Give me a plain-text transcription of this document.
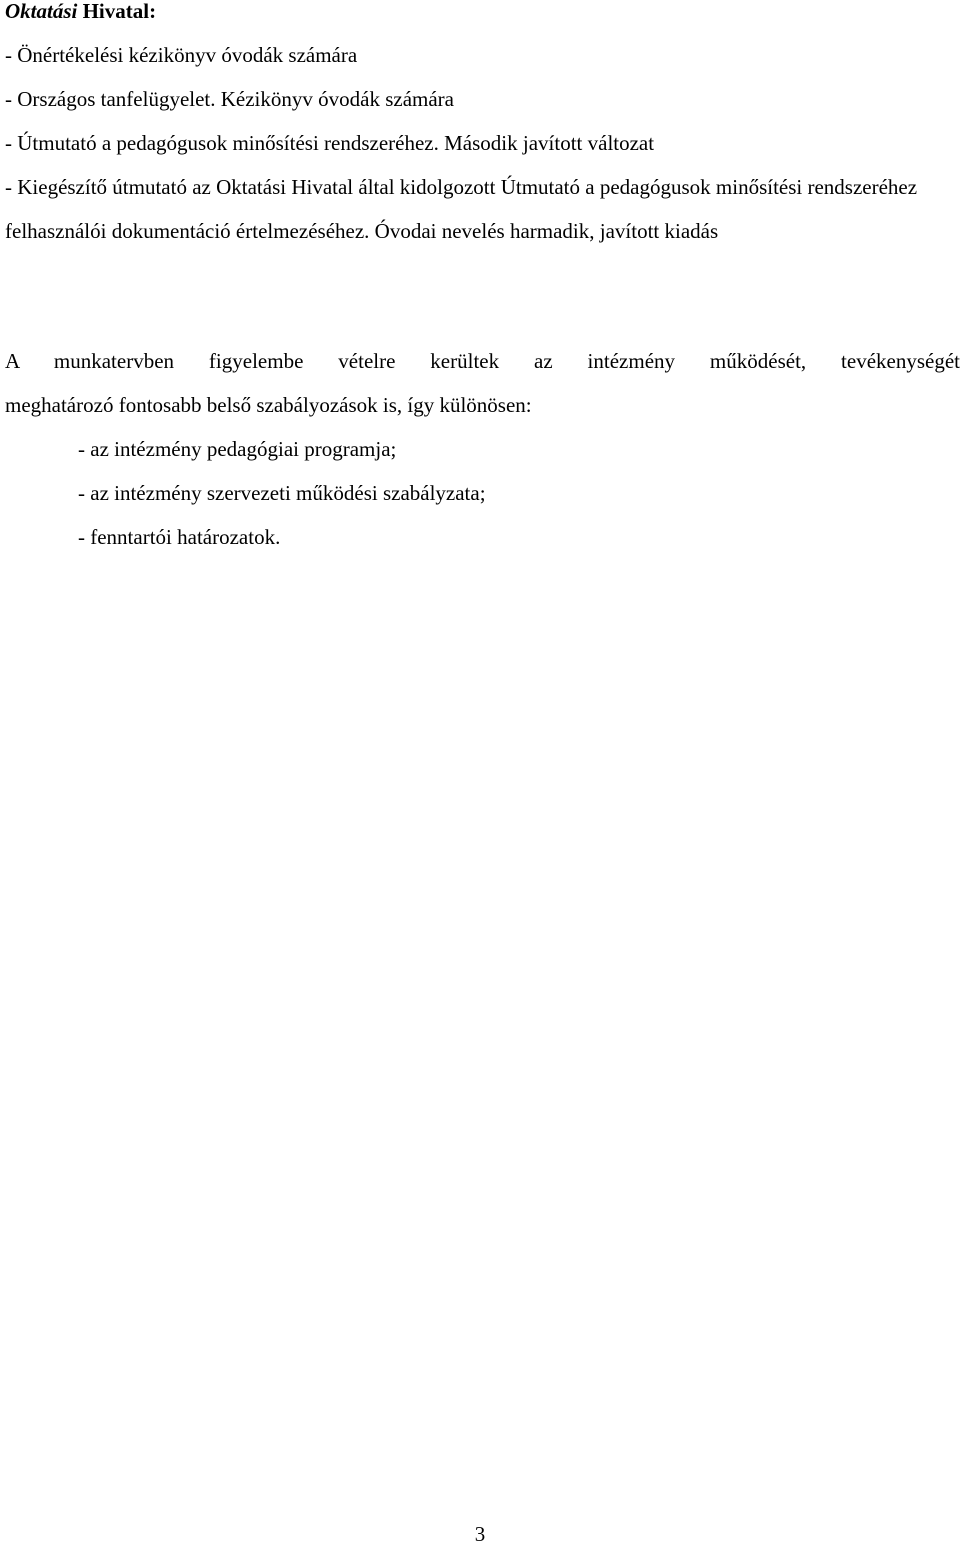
Oktatási Hivatal:

- Önértékelési kézikönyv óvodák számára

- Országos tanfelügyelet. Kézikönyv óvodák számára

- Útmutató a pedagógusok minősítési rendszeréhez. Második javított változat

- Kiegészítő útmutató az Oktatási Hivatal által kidolgozott Útmutató a pedagógusok minősítési rendszeréhez felhasználói dokumentáció értelmezéséhez. Óvodai nevelés harmadik, javított kiadás

A munkatervben figyelembe vételre kerültek az intézmény működését, tevékenységét
meghatározó fontosabb belső szabályozások is, így különösen:

- az intézmény pedagógiai programja;
- az intézmény szervezeti működési szabályzata;
- fenntartói határozatok.
3
